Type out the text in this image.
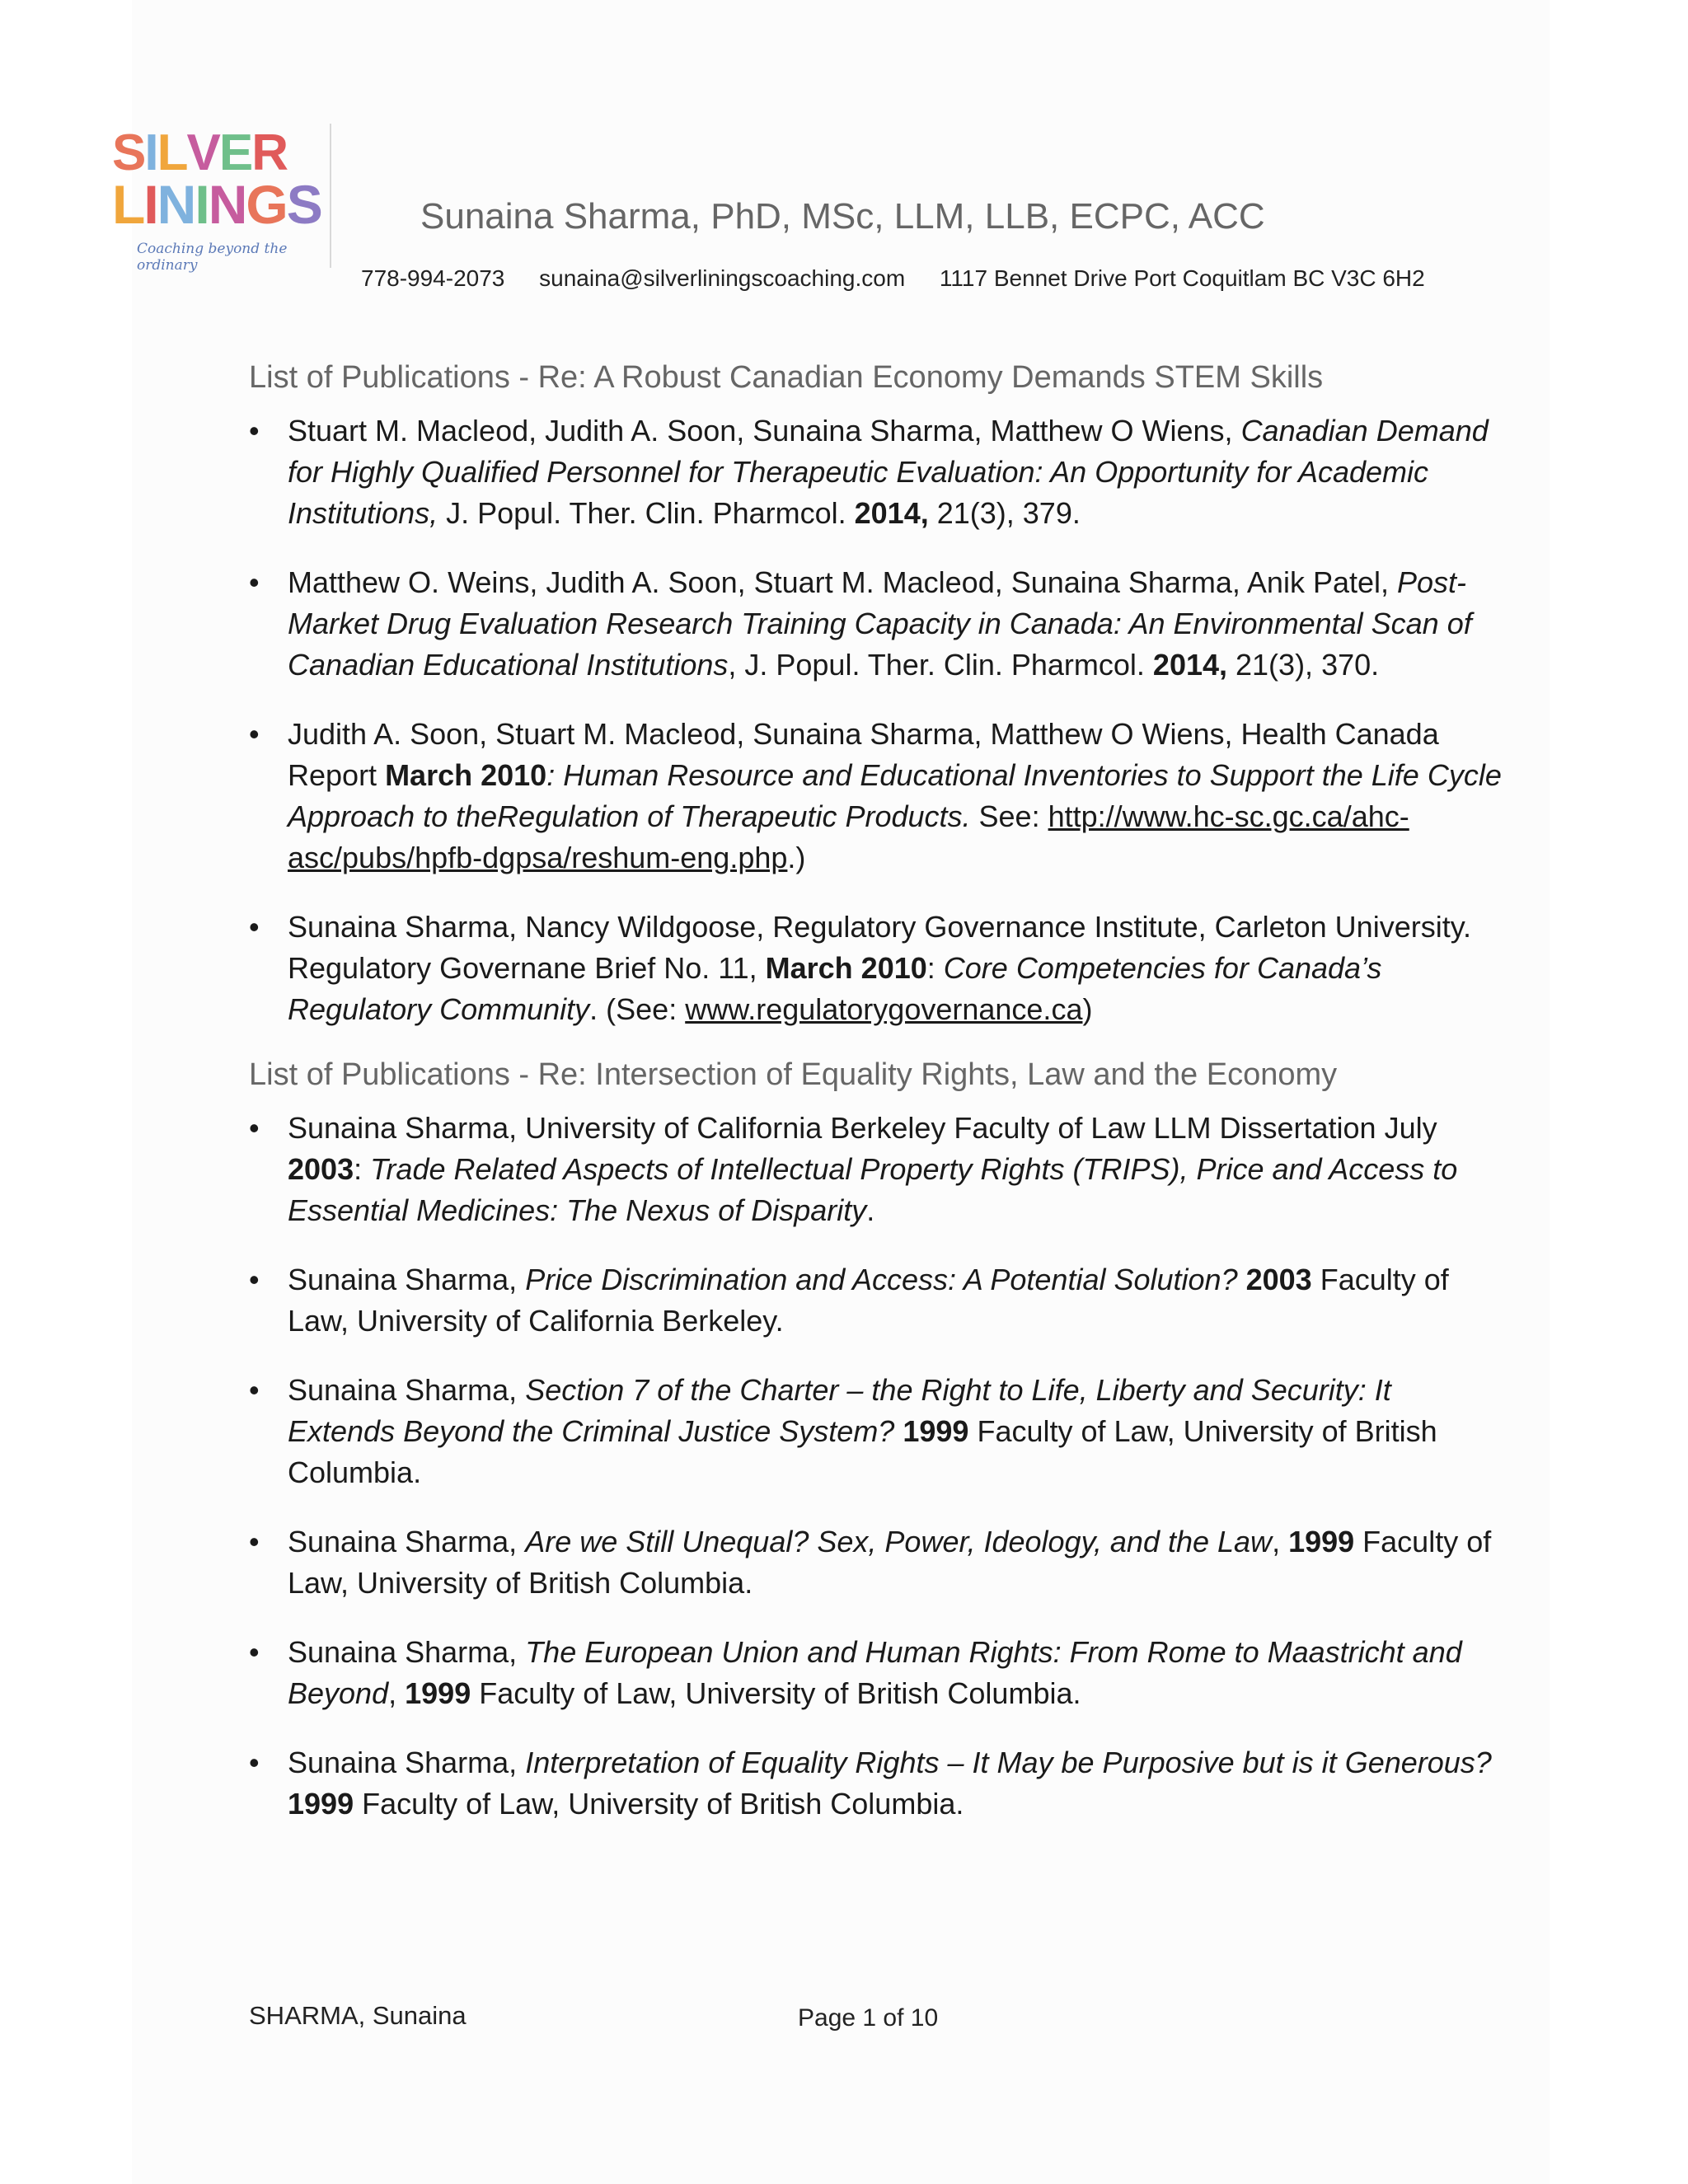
SILVER
LININGS
Coaching beyond the ordinary
Sunaina Sharma, PhD, MSc, LLM, LLB, ECPC, ACC
778-994-2073 sunaina@silverliningscoaching.com 1117 Bennet Drive Port Coquitlam BC V3C 6H2
List of Publications - Re: A Robust Canadian Economy Demands STEM Skills
• Stuart M. Macleod, Judith A. Soon, Sunaina Sharma, Matthew O Wiens, Canadian Demand for Highly Qualified Personnel for Therapeutic Evaluation: An Opportunity for Academic Institutions, J. Popul. Ther. Clin. Pharmcol. 2014, 21(3), 379.
• Matthew O. Weins, Judith A. Soon, Stuart M. Macleod, Sunaina Sharma, Anik Patel, Post-Market Drug Evaluation Research Training Capacity in Canada: An Environmental Scan of Canadian Educational Institutions, J. Popul. Ther. Clin. Pharmcol. 2014, 21(3), 370.
• Judith A. Soon, Stuart M. Macleod, Sunaina Sharma, Matthew O Wiens, Health Canada Report March 2010: Human Resource and Educational Inventories to Support the Life Cycle Approach to theRegulation of Therapeutic Products. See: http://www.hc-sc.gc.ca/ahc-asc/pubs/hpfb-dgpsa/reshum-eng.php.)
• Sunaina Sharma, Nancy Wildgoose, Regulatory Governance Institute, Carleton University. Regulatory Governane Brief No. 11, March 2010: Core Competencies for Canada’s Regulatory Community. (See: www.regulatorygovernance.ca)
List of Publications - Re: Intersection of Equality Rights, Law and the Economy
• Sunaina Sharma, University of California Berkeley Faculty of Law LLM Dissertation July 2003: Trade Related Aspects of Intellectual Property Rights (TRIPS), Price and Access to Essential Medicines: The Nexus of Disparity.
• Sunaina Sharma, Price Discrimination and Access: A Potential Solution? 2003 Faculty of Law, University of California Berkeley.
• Sunaina Sharma, Section 7 of the Charter – the Right to Life, Liberty and Security: It Extends Beyond the Criminal Justice System? 1999 Faculty of Law, University of British Columbia.
• Sunaina Sharma, Are we Still Unequal? Sex, Power, Ideology, and the Law, 1999 Faculty of Law, University of British Columbia.
• Sunaina Sharma, The European Union and Human Rights: From Rome to Maastricht and Beyond, 1999 Faculty of Law, University of British Columbia.
• Sunaina Sharma, Interpretation of Equality Rights – It May be Purposive but is it Generous? 1999 Faculty of Law, University of British Columbia.
SHARMA, Sunaina	Page 1 of 10
